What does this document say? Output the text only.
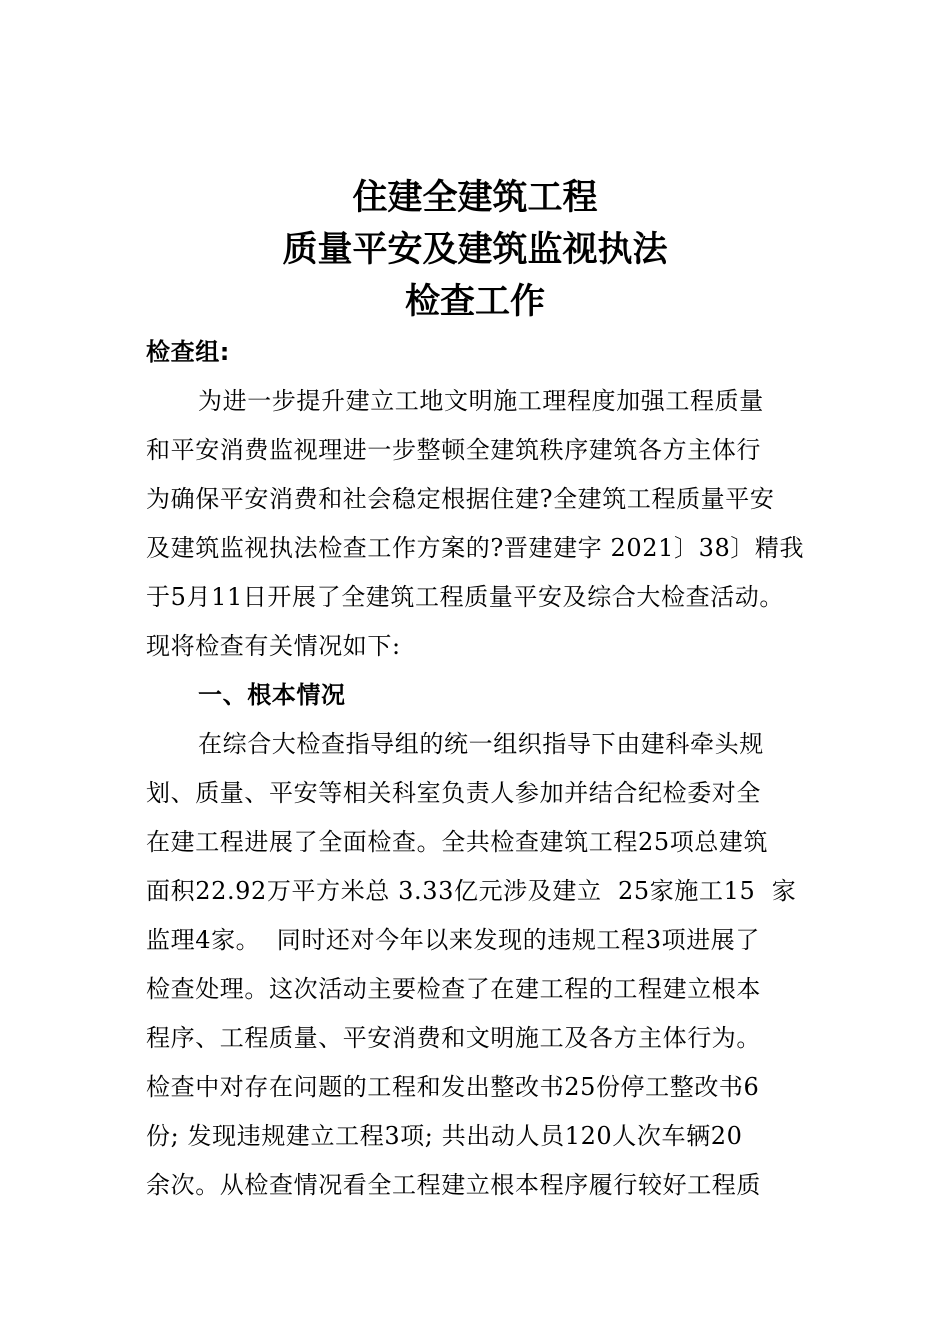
住建全建筑工程
质量平安及建筑监视执法
检查工作
检查组:
为进一步提升建立工地文明施工理程度加强工程质量
和平安消费监视理进一步整顿全建筑秩序建筑各方主体行
为确保平安消费和社会稳定根据住建?全建筑工程质量平安
及建筑监视执法检查工作方案的?晋建建字 2021〕38〕精我
于5月11日开展了全建筑工程质量平安及综合大检查活动。
现将检查有关情况如下:
一、根本情况
在综合大检查指导组的统一组织指导下由建科牵头规
划、质量、平安等相关科室负责人参加并结合纪检委对全
在建工程进展了全面检查。全共检查建筑工程25项总建筑
面积22.92万平方米总 3.33亿元涉及建立  25家施工15  家
监理4家。  同时还对今年以来发现的违规工程3项进展了
检查处理。这次活动主要检查了在建工程的工程建立根本
程序、工程质量、平安消费和文明施工及各方主体行为。
检查中对存在问题的工程和发出整改书25份停工整改书6
份; 发现违规建立工程3项; 共出动人员120人次车辆20
余次。从检查情况看全工程建立根本程序履行较好工程质
